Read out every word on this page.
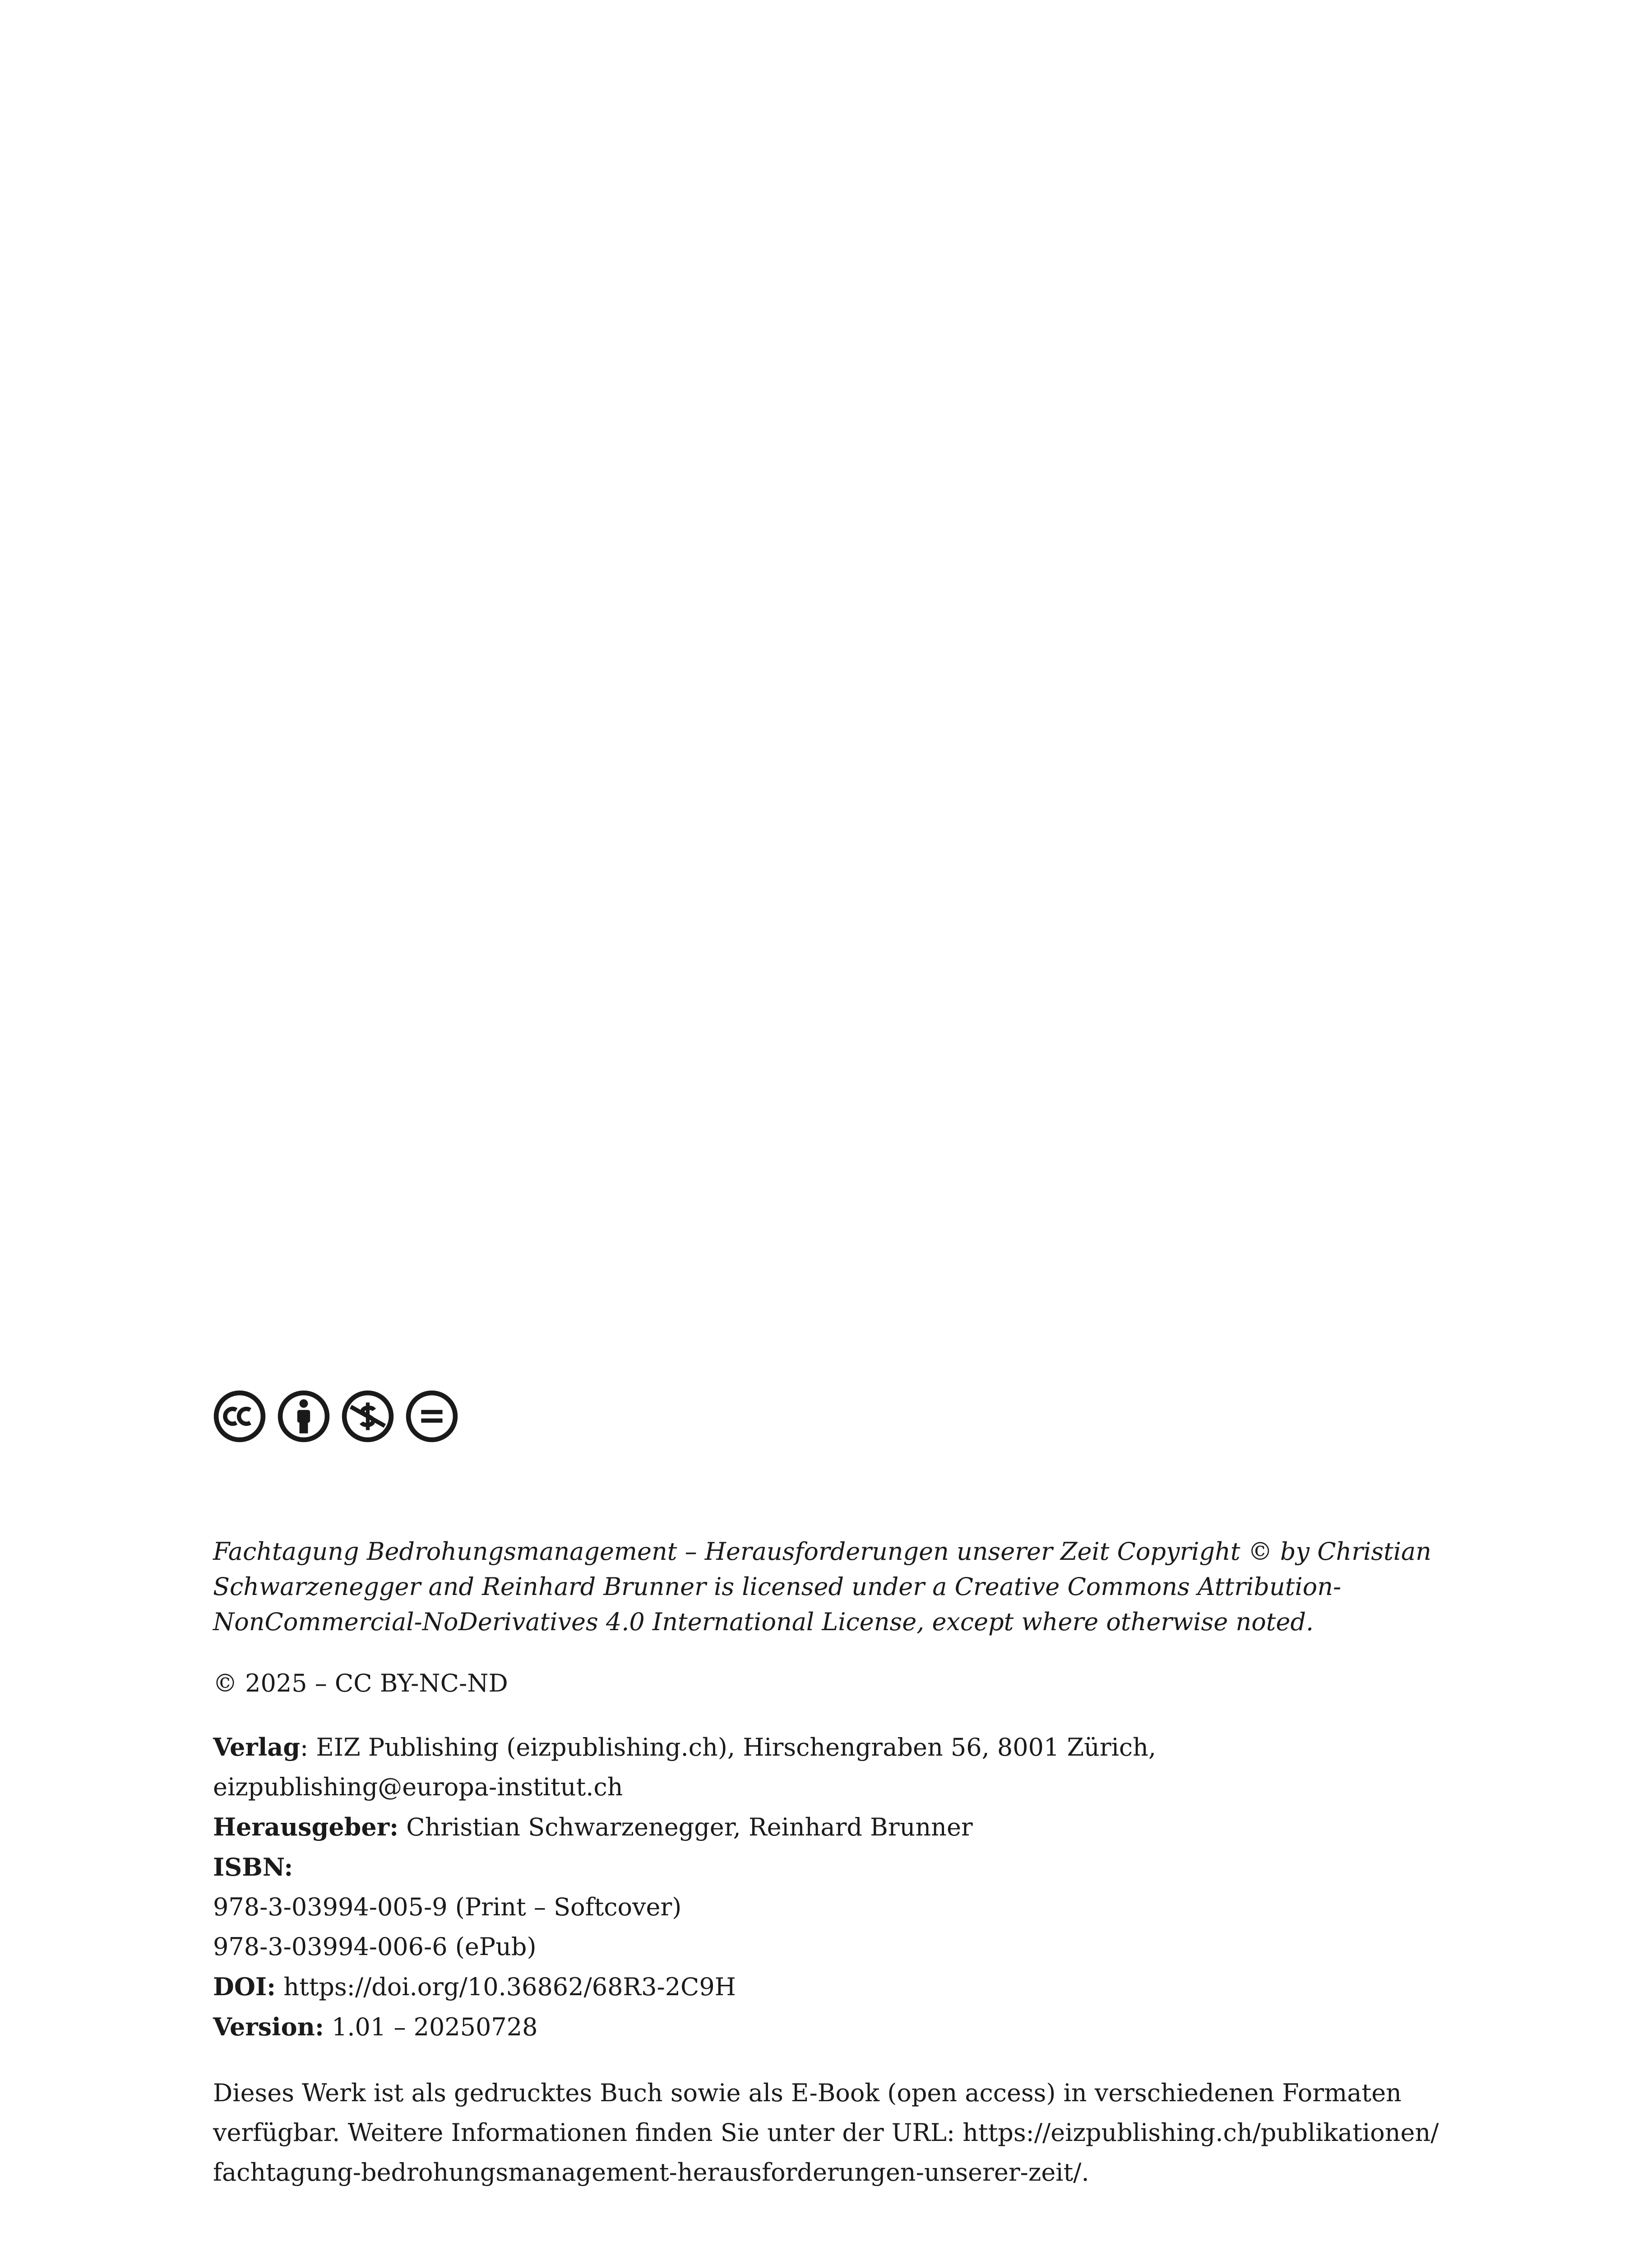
Fachtagung Bedrohungsmanagement – Herausforderungen unserer Zeit Copyright © by Christian Schwarzenegger and Reinhard Brunner is licensed under a Creative Commons Attribution-NonCommercial-NoDerivatives 4.0 International License, except where otherwise noted.

© 2025 – CC BY-NC-ND

Verlag: EIZ Publishing (eizpublishing.ch), Hirschengraben 56, 8001 Zürich,
eizpublishing@europa-institut.ch
Herausgeber: Christian Schwarzenegger, Reinhard Brunner
ISBN:
978-3-03994-005-9 (Print – Softcover)
978-3-03994-006-6 (ePub)
DOI: https://doi.org/10.36862/68R3-2C9H
Version: 1.01 – 20250728
Dieses Werk ist als gedrucktes Buch sowie als E-Book (open access) in verschiedenen Formaten
verfügbar. Weitere Informationen finden Sie unter der URL: https://eizpublishing.ch/publikationen/
fachtagung-bedrohungsmanagement-herausforderungen-unserer-zeit/.
